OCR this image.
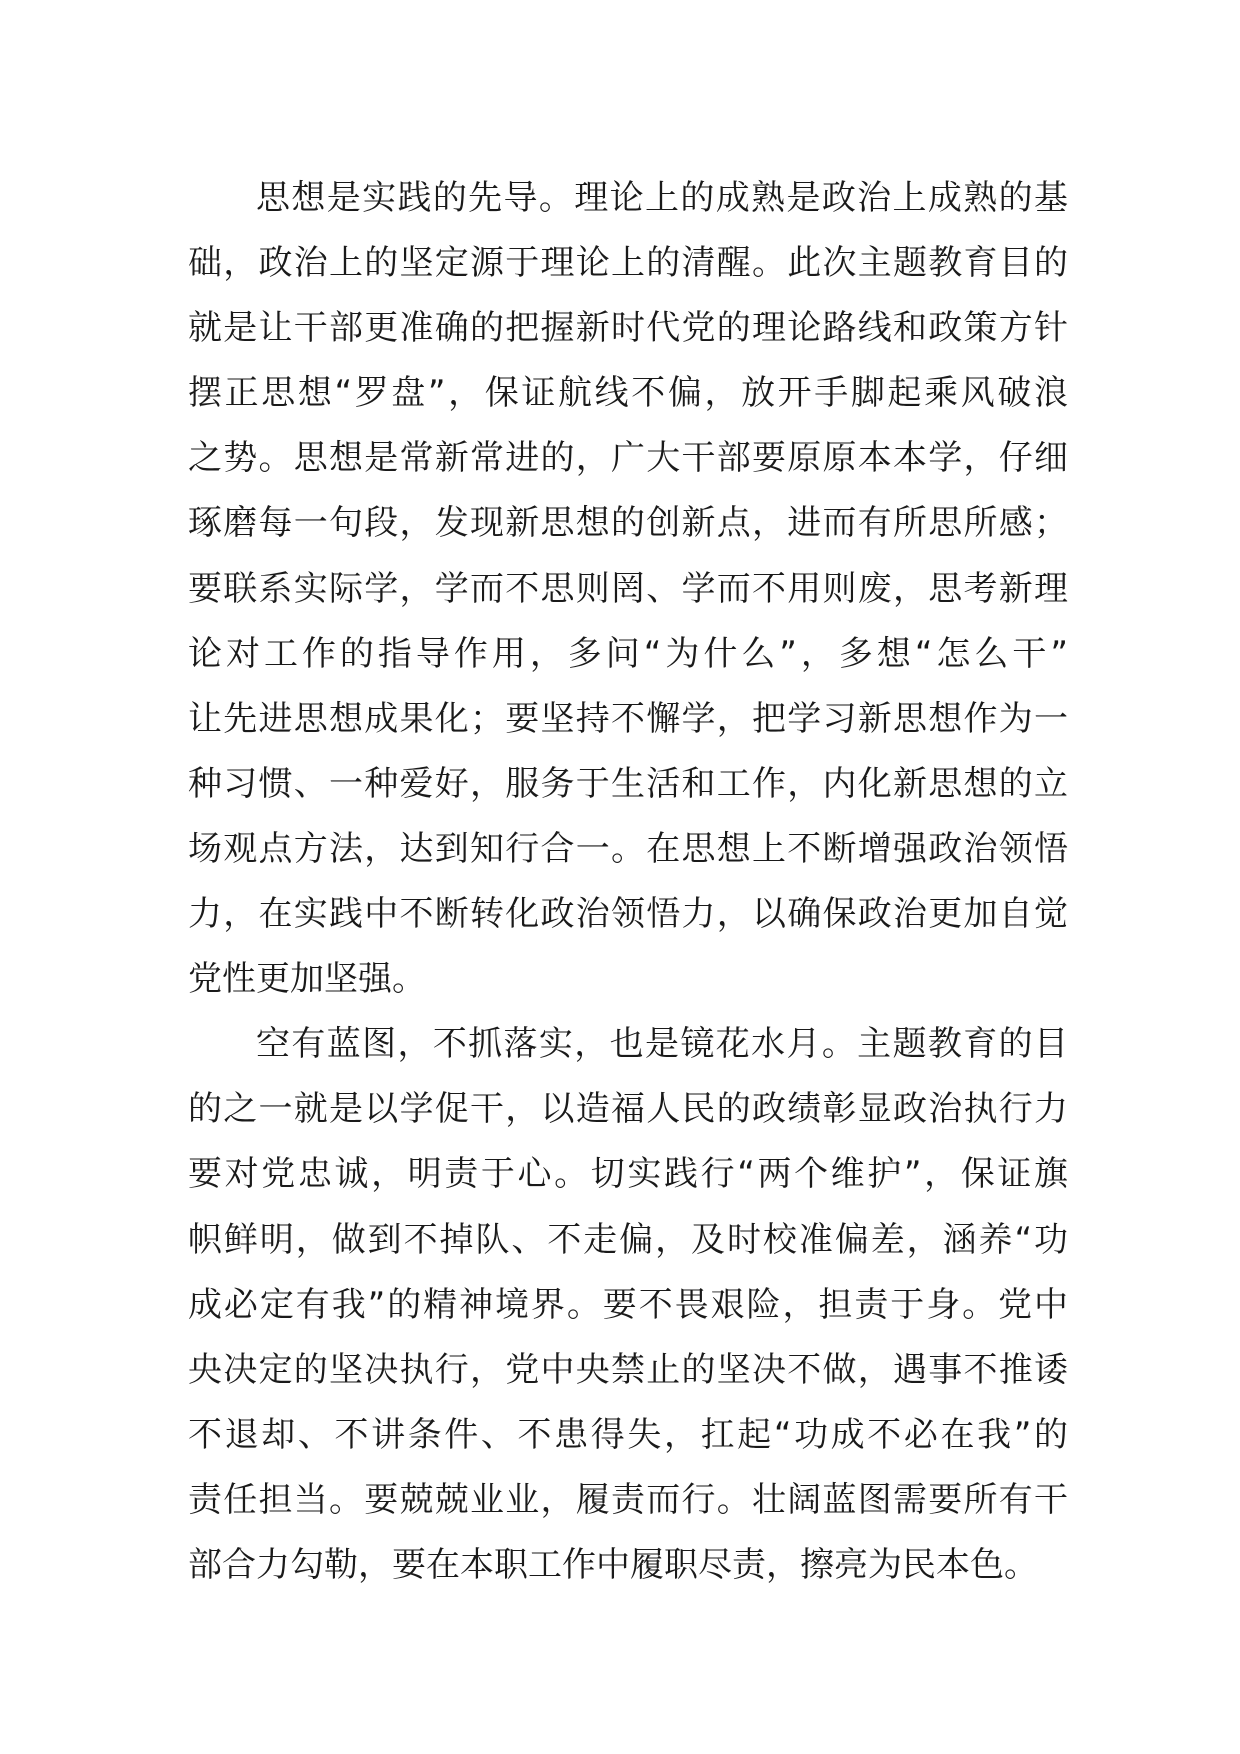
思想是实践的先导。理论上的成熟是政治上成熟的基
础，政治上的坚定源于理论上的清醒。此次主题教育目的
就是让干部更准确的把握新时代党的理论路线和政策方针
摆正思想“罗盘”，保证航线不偏，放开手脚起乘风破浪
之势。思想是常新常进的，广大干部要原原本本学，仔细
琢磨每一句段，发现新思想的创新点，进而有所思所感；
要联系实际学，学而不思则罔、学而不用则废，思考新理
论对工作的指导作用，多问“为什么”，多想“怎么干”
让先进思想成果化；要坚持不懈学，把学习新思想作为一
种习惯、一种爱好，服务于生活和工作，内化新思想的立
场观点方法，达到知行合一。在思想上不断增强政治领悟
力，在实践中不断转化政治领悟力，以确保政治更加自觉
党性更加坚强。
空有蓝图，不抓落实，也是镜花水月。主题教育的目
的之一就是以学促干，以造福人民的政绩彰显政治执行力
要对党忠诚，明责于心。切实践行“两个维护”，保证旗
帜鲜明，做到不掉队、不走偏，及时校准偏差，涵养“功
成必定有我”的精神境界。要不畏艰险，担责于身。党中
央决定的坚决执行，党中央禁止的坚决不做，遇事不推诿
不退却、不讲条件、不患得失，扛起“功成不必在我”的
责任担当。要兢兢业业，履责而行。壮阔蓝图需要所有干
部合力勾勒，要在本职工作中履职尽责，擦亮为民本色。
